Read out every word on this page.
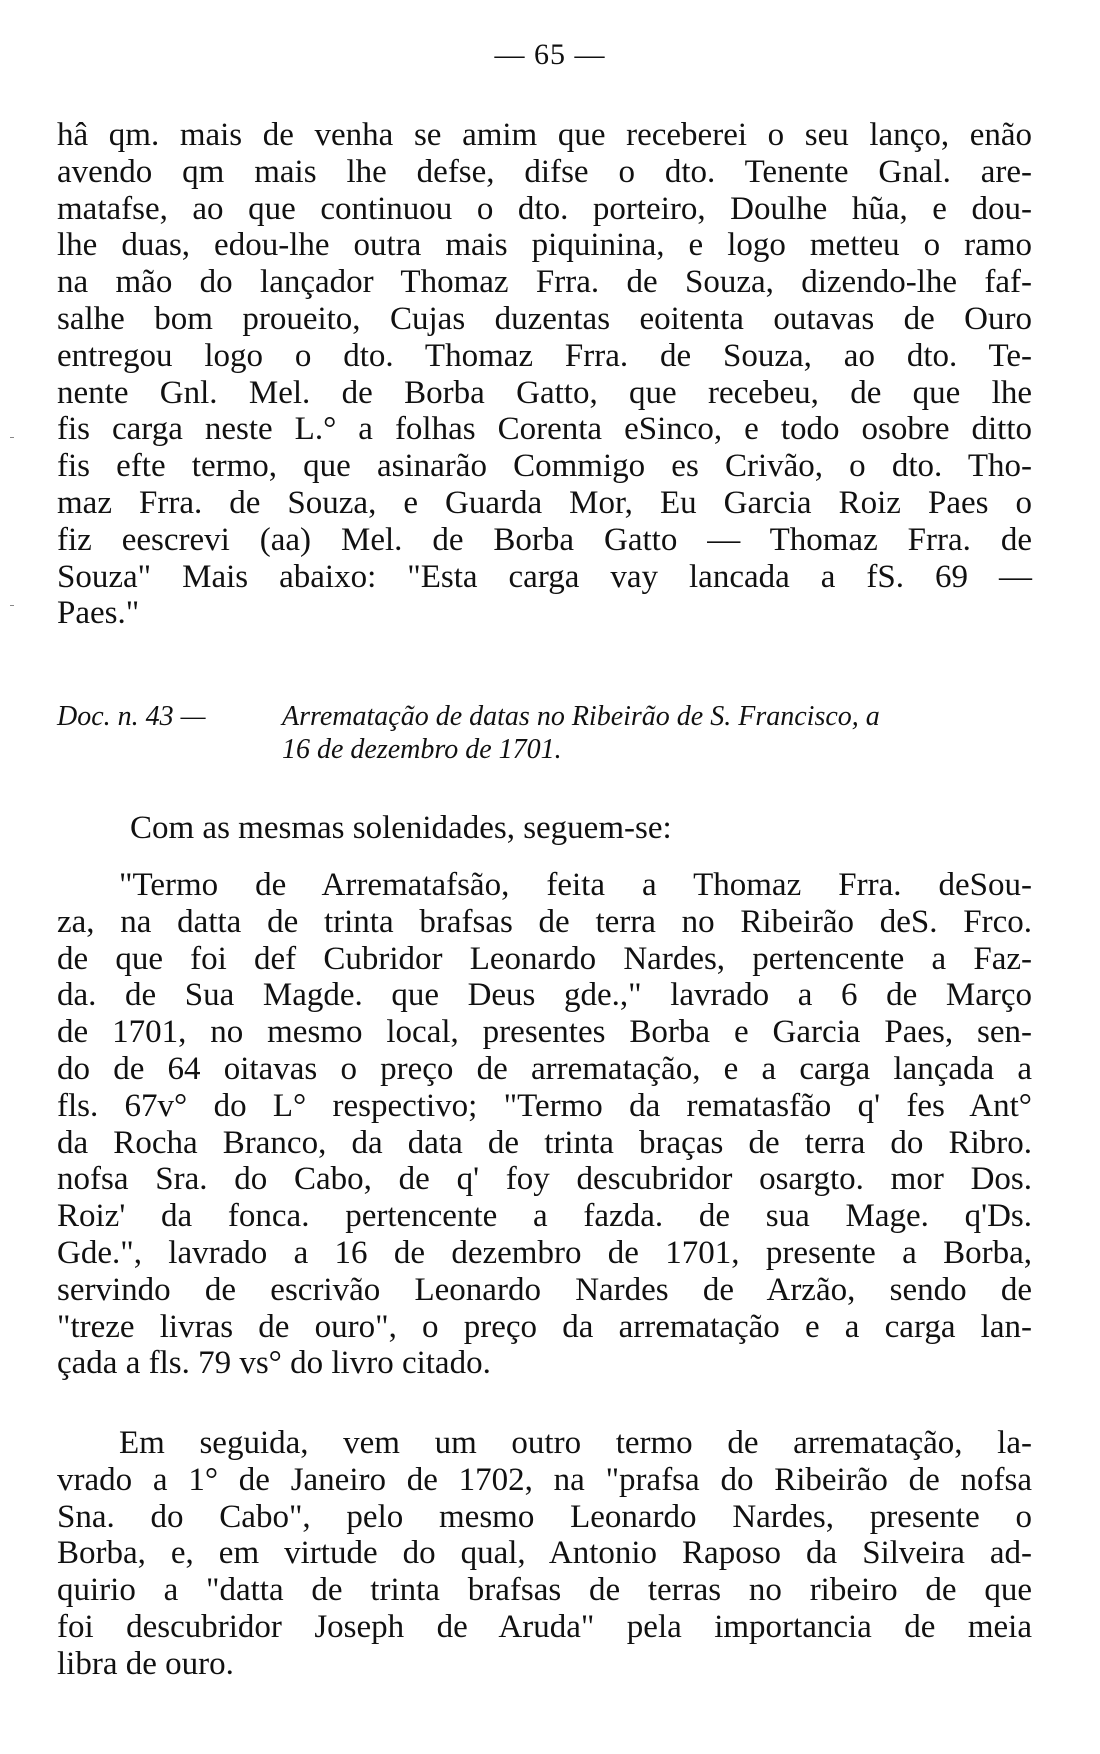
— 65 —
hâ qm. mais de venha se amim que receberei o seu lanço, enão
avendo qm mais lhe defse, difse o dto. Tenente Gnal. are-
matafse, ao que continuou o dto. porteiro, Doulhe hũa, e dou-
lhe duas, edou-lhe outra mais piquinina, e logo metteu o ramo
na mão do lançador Thomaz Frra. de Souza, dizendo-lhe faf-
salhe bom proueito, Cujas duzentas eoitenta outavas de Ouro
entregou logo o dto. Thomaz Frra. de Souza, ao dto. Te-
nente Gnl. Mel. de Borba Gatto, que recebeu, de que lhe
fis carga neste L.° a folhas Corenta eSinco, e todo osobre ditto
fis efte termo, que asinarão Commigo es Crivão, o dto. Tho-
maz Frra. de Souza, e Guarda Mor, Eu Garcia Roiz Paes o
fiz eescrevi (aa) Mel. de Borba Gatto — Thomaz Frra. de
Souza" Mais abaixo: "Esta carga vay lancada a fS. 69 —
Paes."
Doc. n. 43 —	Arrematação de datas no Ribeirão de S. Francisco, a
16 de dezembro de 1701.
Com as mesmas solenidades, seguem-se:
"Termo de Arrematafsão, feita a Thomaz Frra. deSou-
za, na datta de trinta brafsas de terra no Ribeirão deS. Frco.
de que foi def Cubridor Leonardo Nardes, pertencente a Faz-
da. de Sua Magde. que Deus gde.," lavrado a 6 de Março
de 1701, no mesmo local, presentes Borba e Garcia Paes, sen-
do de 64 oitavas o preço de arrematação, e a carga lançada a
fls. 67v° do L° respectivo; "Termo da rematasfão q' fes Ant°
da Rocha Branco, da data de trinta braças de terra do Ribro.
nofsa Sra. do Cabo, de q' foy descubridor osargto. mor Dos.
Roiz' da fonca. pertencente a fazda. de sua Mage. q'Ds.
Gde.", lavrado a 16 de dezembro de 1701, presente a Borba,
servindo de escrivão Leonardo Nardes de Arzão, sendo de
"treze livras de ouro", o preço da arrematação e a carga lan-
çada a fls. 79 vs° do livro citado.
Em seguida, vem um outro termo de arrematação, la-
vrado a 1° de Janeiro de 1702, na "prafsa do Ribeirão de nofsa
Sna. do Cabo", pelo mesmo Leonardo Nardes, presente o
Borba, e, em virtude do qual, Antonio Raposo da Silveira ad-
quirio a "datta de trinta brafsas de terras no ribeiro de que
foi descubridor Joseph de Aruda" pela importancia de meia
libra de ouro.
